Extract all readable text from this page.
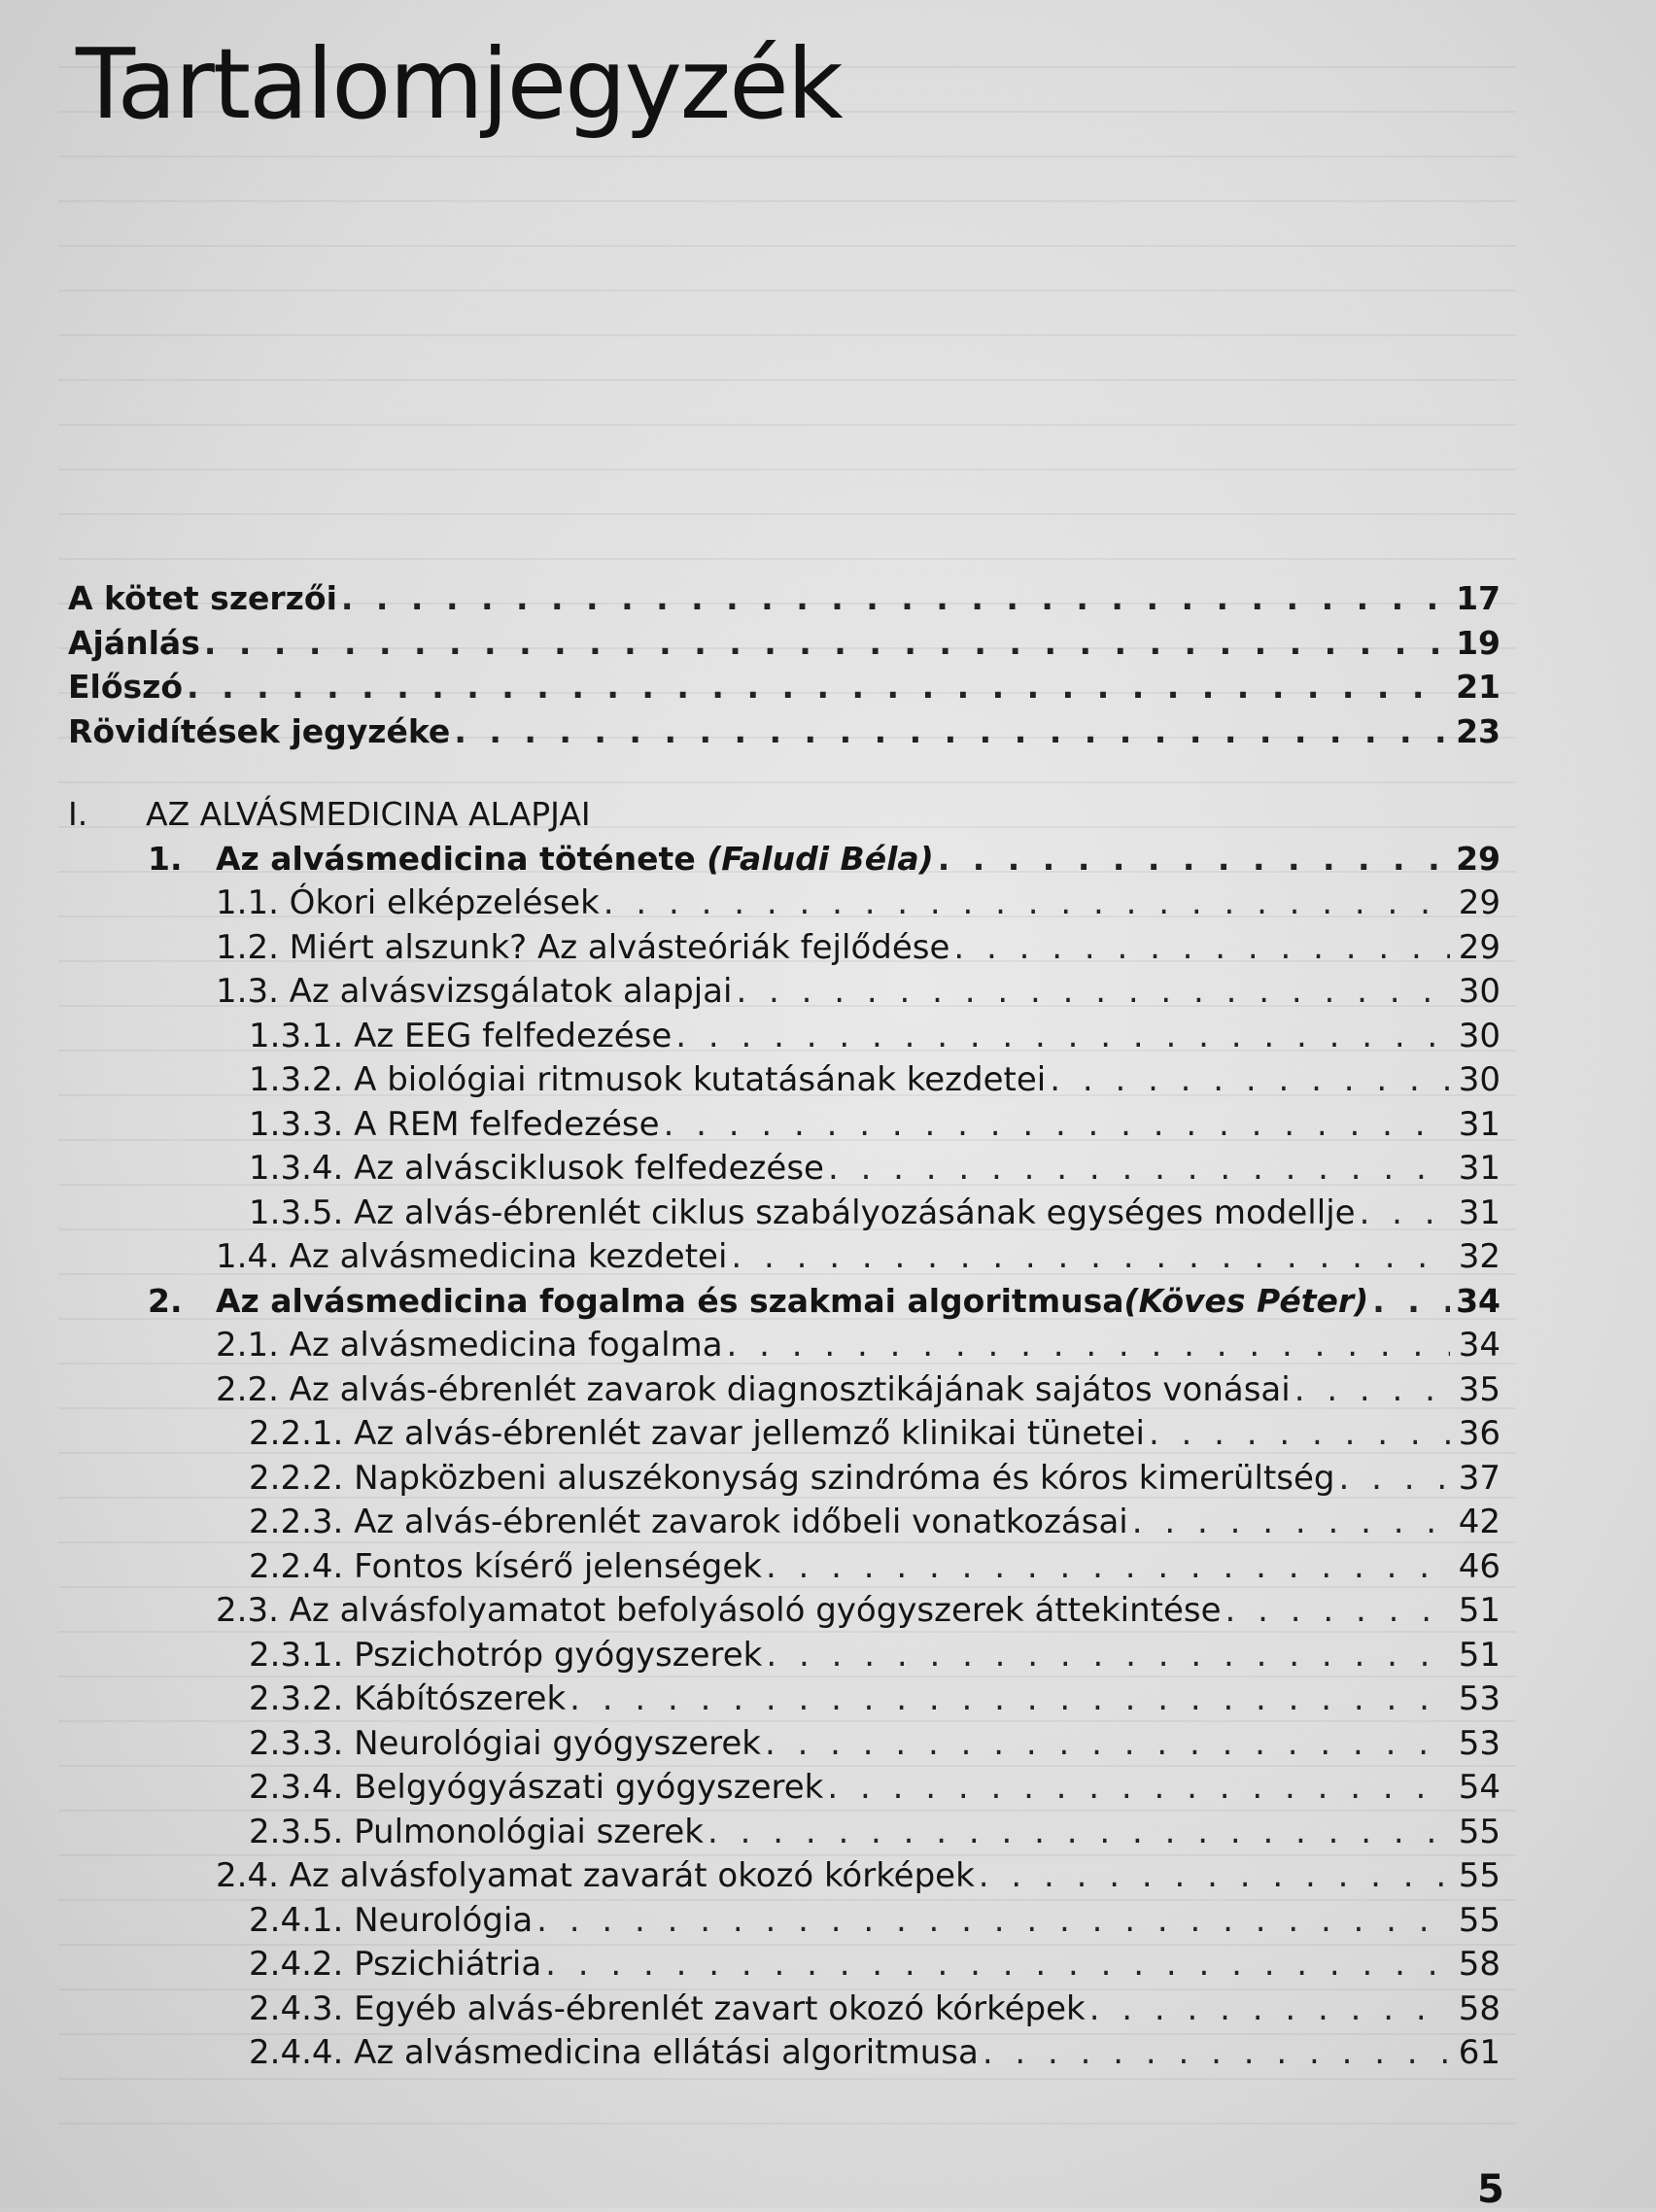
Tartalomjegyzék
A kötet szerzői . . .	17
Ajánlás . . .	19
Előszó . . .	21
Rövidítések jegyzéke . . .	23
I.	AZ ALVÁSMEDICINA ALAPJAI
1. Az alvásmedicina töténete (Faludi Béla) . . .	29
1.1. Ókori elképzelések . . .	29
1.2. Miért alszunk? Az alvásteóriák fejlődése . . .	29
1.3. Az alvásvizsgálatok alapjai . . .	30
1.3.1. Az EEG felfedezése . . .	30
1.3.2. A biológiai ritmusok kutatásának kezdetei . . .	30
1.3.3. A REM felfedezése . . .	31
1.3.4. Az alvásciklusok felfedezése . . .	31
1.3.5. Az alvás-ébrenlét ciklus szabályozásának egységes modellje . . .	31
1.4. Az alvásmedicina kezdetei . . .	32
2. Az alvásmedicina fogalma és szakmai algoritmusa(Köves Péter) . . .	34
2.1. Az alvásmedicina fogalma . . .	34
2.2. Az alvás-ébrenlét zavarok diagnosztikájának sajátos vonásai . . .	35
2.2.1. Az alvás-ébrenlét zavar jellemző klinikai tünetei . . .	36
2.2.2. Napközbeni aluszékonyság szindróma és kóros kimerültség . . .	37
2.2.3. Az alvás-ébrenlét zavarok időbeli vonatkozásai . . .	42
2.2.4. Fontos kísérő jelenségek . . .	46
2.3. Az alvásfolyamatot befolyásoló gyógyszerek áttekintése . . .	51
2.3.1. Pszichotróp gyógyszerek . . .	51
2.3.2. Kábítószerek . . .	53
2.3.3. Neurológiai gyógyszerek . . .	53
2.3.4. Belgyógyászati gyógyszerek . . .	54
2.3.5. Pulmonológiai szerek . . .	55
2.4. Az alvásfolyamat zavarát okozó kórképek . . .	55
2.4.1. Neurológia . . .	55
2.4.2. Pszichiátria . . .	58
2.4.3. Egyéb alvás-ébrenlét zavart okozó kórképek . . .	58
2.4.4. Az alvásmedicina ellátási algoritmusa . . .	61
5
